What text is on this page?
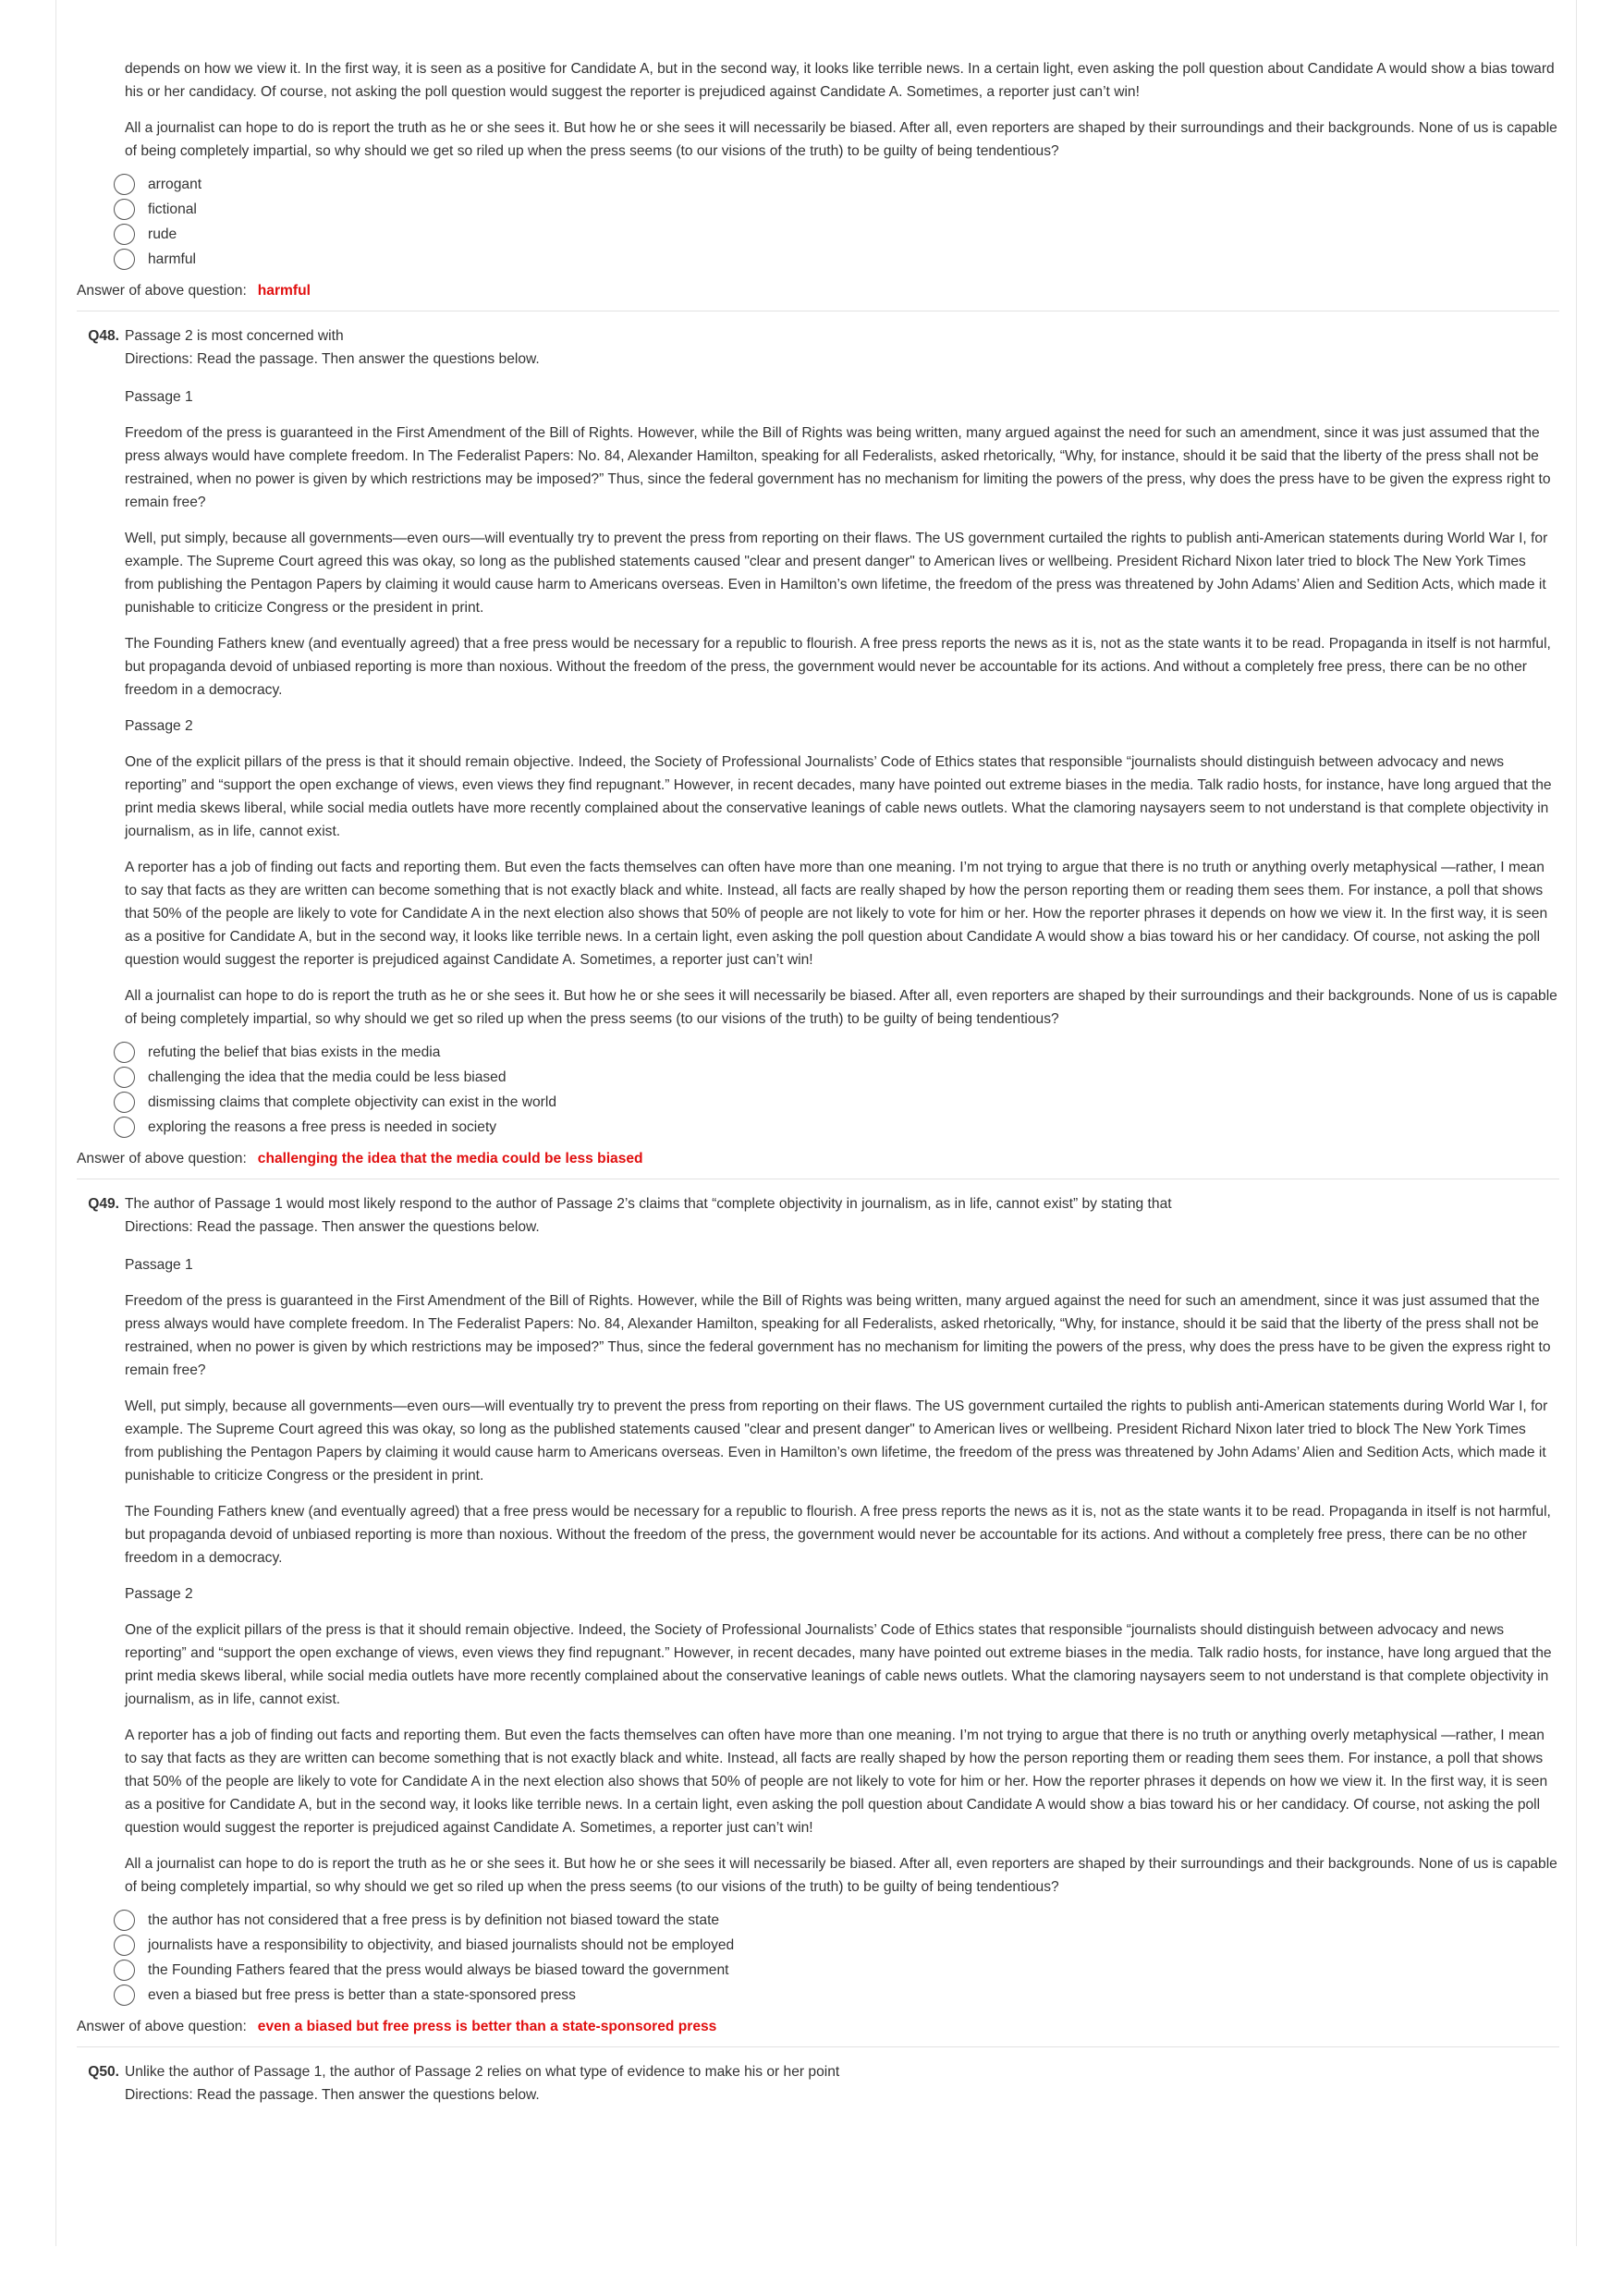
depends on how we view it. In the first way, it is seen as a positive for Candidate A, but in the second way, it looks like terrible news. In a certain light, even asking the poll question about Candidate A would show a bias toward his or her candidacy. Of course, not asking the poll question would suggest the reporter is prejudiced against Candidate A. Sometimes, a reporter just can’t win!

All a journalist can hope to do is report the truth as he or she sees it. But how he or she sees it will necessarily be biased. After all, even reporters are shaped by their surroundings and their backgrounds. None of us is capable of being completely impartial, so why should we get so riled up when the press seems (to our visions of the truth) to be guilty of being tendentious?

arrogant
fictional
rude
harmful
Answer of above question: harmful
Q48. Passage 2 is most concerned with

Directions: Read the passage. Then answer the questions below.

Passage 1

Freedom of the press is guaranteed in the First Amendment of the Bill of Rights. However, while the Bill of Rights was being written, many argued against the need for such an amendment, since it was just assumed that the press always would have complete freedom. In The Federalist Papers: No. 84, Alexander Hamilton, speaking for all Federalists, asked rhetorically, “Why, for instance, should it be said that the liberty of the press shall not be restrained, when no power is given by which restrictions may be imposed?” Thus, since the federal government has no mechanism for limiting the powers of the press, why does the press have to be given the express right to remain free?

Well, put simply, because all governments—even ours—will eventually try to prevent the press from reporting on their flaws. The US government curtailed the rights to publish anti-American statements during World War I, for example. The Supreme Court agreed this was okay, so long as the published statements caused "clear and present danger" to American lives or wellbeing. President Richard Nixon later tried to block The New York Times from publishing the Pentagon Papers by claiming it would cause harm to Americans overseas. Even in Hamilton’s own lifetime, the freedom of the press was threatened by John Adams’ Alien and Sedition Acts, which made it punishable to criticize Congress or the president in print.

The Founding Fathers knew (and eventually agreed) that a free press would be necessary for a republic to flourish. A free press reports the news as it is, not as the state wants it to be read. Propaganda in itself is not harmful, but propaganda devoid of unbiased reporting is more than noxious. Without the freedom of the press, the government would never be accountable for its actions. And without a completely free press, there can be no other freedom in a democracy.

Passage 2

One of the explicit pillars of the press is that it should remain objective. Indeed, the Society of Professional Journalists’ Code of Ethics states that responsible “journalists should distinguish between advocacy and news reporting” and “support the open exchange of views, even views they find repugnant.” However, in recent decades, many have pointed out extreme biases in the media. Talk radio hosts, for instance, have long argued that the print media skews liberal, while social media outlets have more recently complained about the conservative leanings of cable news outlets. What the clamoring naysayers seem to not understand is that complete objectivity in journalism, as in life, cannot exist.

A reporter has a job of finding out facts and reporting them. But even the facts themselves can often have more than one meaning. I’m not trying to argue that there is no truth or anything overly metaphysical —rather, I mean to say that facts as they are written can become something that is not exactly black and white. Instead, all facts are really shaped by how the person reporting them or reading them sees them. For instance, a poll that shows that 50% of the people are likely to vote for Candidate A in the next election also shows that 50% of people are not likely to vote for him or her. How the reporter phrases it depends on how we view it. In the first way, it is seen as a positive for Candidate A, but in the second way, it looks like terrible news. In a certain light, even asking the poll question about Candidate A would show a bias toward his or her candidacy. Of course, not asking the poll question would suggest the reporter is prejudiced against Candidate A. Sometimes, a reporter just can’t win!

All a journalist can hope to do is report the truth as he or she sees it. But how he or she sees it will necessarily be biased. After all, even reporters are shaped by their surroundings and their backgrounds. None of us is capable of being completely impartial, so why should we get so riled up when the press seems (to our visions of the truth) to be guilty of being tendentious?

refuting the belief that bias exists in the media
challenging the idea that the media could be less biased
dismissing claims that complete objectivity can exist in the world
exploring the reasons a free press is needed in society
Answer of above question: challenging the idea that the media could be less biased
Q49. The author of Passage 1 would most likely respond to the author of Passage 2’s claims that “complete objectivity in journalism, as in life, cannot exist” by stating that

Directions: Read the passage. Then answer the questions below.

Passage 1

Freedom of the press is guaranteed in the First Amendment of the Bill of Rights. However, while the Bill of Rights was being written, many argued against the need for such an amendment, since it was just assumed that the press always would have complete freedom. In The Federalist Papers: No. 84, Alexander Hamilton, speaking for all Federalists, asked rhetorically, “Why, for instance, should it be said that the liberty of the press shall not be restrained, when no power is given by which restrictions may be imposed?” Thus, since the federal government has no mechanism for limiting the powers of the press, why does the press have to be given the express right to remain free?

Well, put simply, because all governments—even ours—will eventually try to prevent the press from reporting on their flaws. The US government curtailed the rights to publish anti-American statements during World War I, for example. The Supreme Court agreed this was okay, so long as the published statements caused "clear and present danger" to American lives or wellbeing. President Richard Nixon later tried to block The New York Times from publishing the Pentagon Papers by claiming it would cause harm to Americans overseas. Even in Hamilton’s own lifetime, the freedom of the press was threatened by John Adams’ Alien and Sedition Acts, which made it punishable to criticize Congress or the president in print.

The Founding Fathers knew (and eventually agreed) that a free press would be necessary for a republic to flourish. A free press reports the news as it is, not as the state wants it to be read. Propaganda in itself is not harmful, but propaganda devoid of unbiased reporting is more than noxious. Without the freedom of the press, the government would never be accountable for its actions. And without a completely free press, there can be no other freedom in a democracy.

Passage 2

One of the explicit pillars of the press is that it should remain objective. Indeed, the Society of Professional Journalists’ Code of Ethics states that responsible “journalists should distinguish between advocacy and news reporting” and “support the open exchange of views, even views they find repugnant.” However, in recent decades, many have pointed out extreme biases in the media. Talk radio hosts, for instance, have long argued that the print media skews liberal, while social media outlets have more recently complained about the conservative leanings of cable news outlets. What the clamoring naysayers seem to not understand is that complete objectivity in journalism, as in life, cannot exist.

A reporter has a job of finding out facts and reporting them. But even the facts themselves can often have more than one meaning. I’m not trying to argue that there is no truth or anything overly metaphysical —rather, I mean to say that facts as they are written can become something that is not exactly black and white. Instead, all facts are really shaped by how the person reporting them or reading them sees them. For instance, a poll that shows that 50% of the people are likely to vote for Candidate A in the next election also shows that 50% of people are not likely to vote for him or her. How the reporter phrases it depends on how we view it. In the first way, it is seen as a positive for Candidate A, but in the second way, it looks like terrible news. In a certain light, even asking the poll question about Candidate A would show a bias toward his or her candidacy. Of course, not asking the poll question would suggest the reporter is prejudiced against Candidate A. Sometimes, a reporter just can’t win!

All a journalist can hope to do is report the truth as he or she sees it. But how he or she sees it will necessarily be biased. After all, even reporters are shaped by their surroundings and their backgrounds. None of us is capable of being completely impartial, so why should we get so riled up when the press seems (to our visions of the truth) to be guilty of being tendentious?

the author has not considered that a free press is by definition not biased toward the state
journalists have a responsibility to objectivity, and biased journalists should not be employed
the Founding Fathers feared that the press would always be biased toward the government
even a biased but free press is better than a state-sponsored press
Answer of above question: even a biased but free press is better than a state-sponsored press
Q50. Unlike the author of Passage 1, the author of Passage 2 relies on what type of evidence to make his or her point

Directions: Read the passage. Then answer the questions below.
